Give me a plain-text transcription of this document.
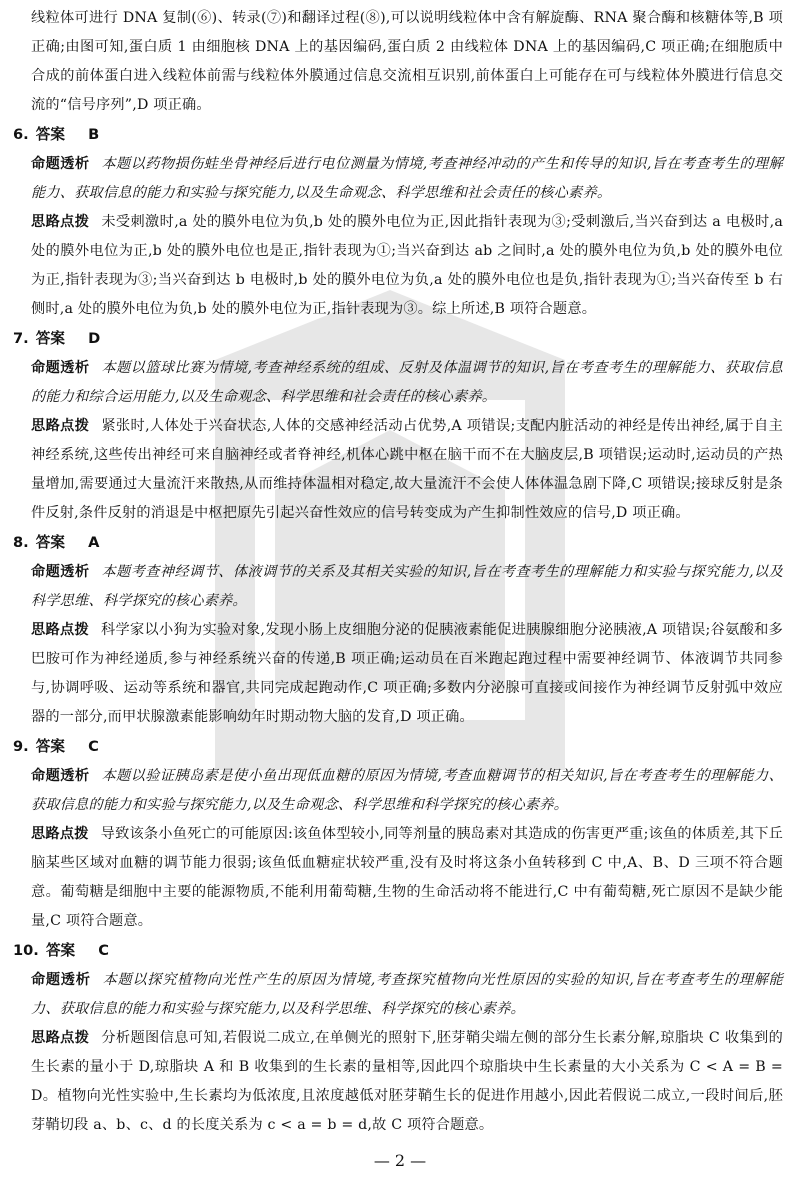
线粒体可进行 DNA 复制(⑥)、转录(⑦)和翻译过程(⑧),可以说明线粒体中含有解旋酶、RNA 聚合酶和核糖体等,B 项正确;由图可知,蛋白质 1 由细胞核 DNA 上的基因编码,蛋白质 2 由线粒体 DNA 上的基因编码,C 项正确;在细胞质中合成的前体蛋白进入线粒体前需与线粒体外膜通过信息交流相互识别,前体蛋白上可能存在可与线粒体外膜进行信息交流的“信号序列”,D 项正确。

6. 答案 B

命题透析 本题以药物损伤蛙坐骨神经后进行电位测量为情境,考查神经冲动的产生和传导的知识,旨在考查考生的理解能力、获取信息的能力和实验与探究能力,以及生命观念、科学思维和社会责任的核心素养。

思路点拨 未受刺激时,a 处的膜外电位为负,b 处的膜外电位为正,因此指针表现为③;受刺激后,当兴奋到达 a 电极时,a 处的膜外电位为正,b 处的膜外电位也是正,指针表现为①;当兴奋到达 ab 之间时,a 处的膜外电位为负,b 处的膜外电位为正,指针表现为③;当兴奋到达 b 电极时,b 处的膜外电位为负,a 处的膜外电位也是负,指针表现为①;当兴奋传至 b 右侧时,a 处的膜外电位为负,b 处的膜外电位为正,指针表现为③。综上所述,B 项符合题意。

7. 答案 D

命题透析 本题以篮球比赛为情境,考查神经系统的组成、反射及体温调节的知识,旨在考查考生的理解能力、获取信息的能力和综合运用能力,以及生命观念、科学思维和社会责任的核心素养。

思路点拨 紧张时,人体处于兴奋状态,人体的交感神经活动占优势,A 项错误;支配内脏活动的神经是传出神经,属于自主神经系统,这些传出神经可来自脑神经或者脊神经,机体心跳中枢在脑干而不在大脑皮层,B 项错误;运动时,运动员的产热量增加,需要通过大量流汗来散热,从而维持体温相对稳定,故大量流汗不会使人体体温急剧下降,C 项错误;接球反射是条件反射,条件反射的消退是中枢把原先引起兴奋性效应的信号转变成为产生抑制性效应的信号,D 项正确。

8. 答案 A

命题透析 本题考查神经调节、体液调节的关系及其相关实验的知识,旨在考查考生的理解能力和实验与探究能力,以及科学思维、科学探究的核心素养。

思路点拨 科学家以小狗为实验对象,发现小肠上皮细胞分泌的促胰液素能促进胰腺细胞分泌胰液,A 项错误;谷氨酸和多巴胺可作为神经递质,参与神经系统兴奋的传递,B 项正确;运动员在百米跑起跑过程中需要神经调节、体液调节共同参与,协调呼吸、运动等系统和器官,共同完成起跑动作,C 项正确;多数内分泌腺可直接或间接作为神经调节反射弧中效应器的一部分,而甲状腺激素能影响幼年时期动物大脑的发育,D 项正确。

9. 答案 C

命题透析 本题以验证胰岛素是使小鱼出现低血糖的原因为情境,考查血糖调节的相关知识,旨在考查考生的理解能力、获取信息的能力和实验与探究能力,以及生命观念、科学思维和科学探究的核心素养。

思路点拨 导致该条小鱼死亡的可能原因:该鱼体型较小,同等剂量的胰岛素对其造成的伤害更严重;该鱼的体质差,其下丘脑某些区域对血糖的调节能力很弱;该鱼低血糖症状较严重,没有及时将这条小鱼转移到 C 中,A、B、D 三项不符合题意。葡萄糖是细胞中主要的能源物质,不能利用葡萄糖,生物的生命活动将不能进行,C 中有葡萄糖,死亡原因不是缺少能量,C 项符合题意。

10. 答案 C

命题透析 本题以探究植物向光性产生的原因为情境,考查探究植物向光性原因的实验的知识,旨在考查考生的理解能力、获取信息的能力和实验与探究能力,以及科学思维、科学探究的核心素养。

思路点拨 分析题图信息可知,若假说二成立,在单侧光的照射下,胚芽鞘尖端左侧的部分生长素分解,琼脂块 C 收集到的生长素的量小于 D,琼脂块 A 和 B 收集到的生长素的量相等,因此四个琼脂块中生长素量的大小关系为 C < A = B = D。植物向光性实验中,生长素均为低浓度,且浓度越低对胚芽鞘生长的促进作用越小,因此若假说二成立,一段时间后,胚芽鞘切段 a、b、c、d 的长度关系为 c < a = b = d,故 C 项符合题意。

— 2 —
